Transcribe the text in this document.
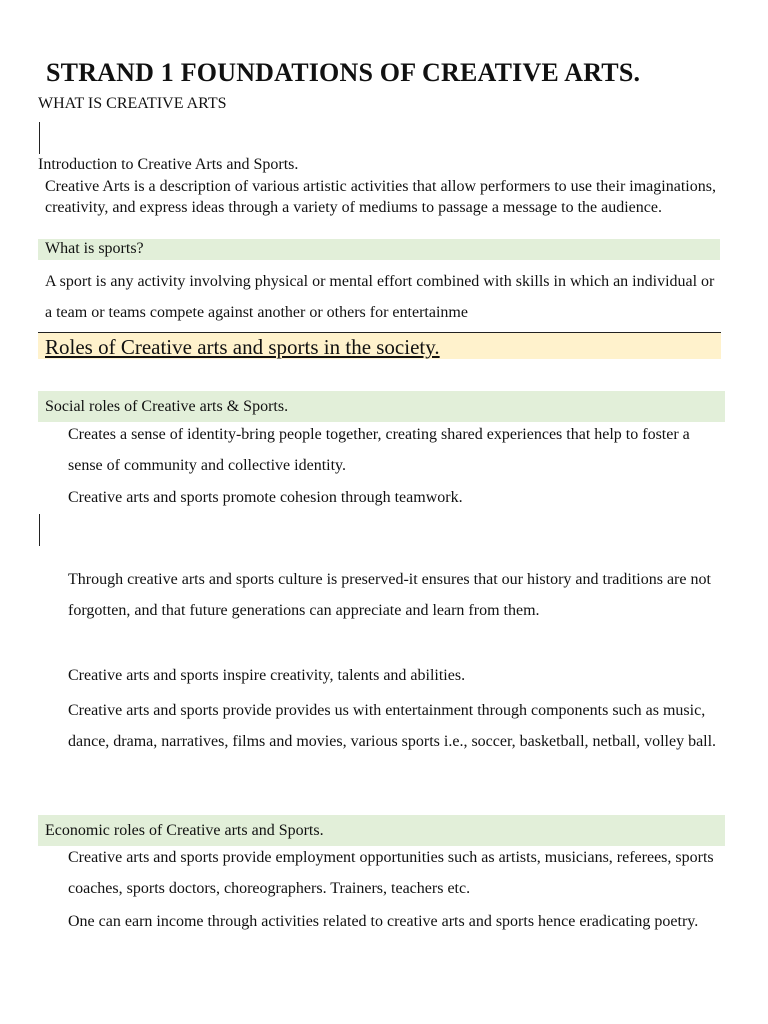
STRAND 1 FOUNDATIONS OF CREATIVE ARTS.
WHAT IS CREATIVE ARTS
Introduction to Creative Arts and Sports.
Creative Arts is a description of various artistic activities that allow performers to use their imaginations, creativity, and express ideas through a variety of mediums to passage a message to the audience.
What is sports?
A sport is any activity involving physical or mental effort combined with skills in which an individual or a team or teams compete against another or others for entertainme
Roles of Creative arts and sports in the society.
Social roles of Creative arts & Sports.
Creates a sense of identity-bring people together, creating shared experiences that help to foster a sense of community and collective identity.
Creative arts and sports promote cohesion through teamwork.
Through creative arts and sports culture is preserved-it ensures that our history and traditions are not forgotten, and that future generations can appreciate and learn from them.
Creative arts and sports inspire creativity, talents and abilities.
Creative arts and sports provide provides us with entertainment through components such as music, dance, drama, narratives, films and movies, various sports i.e., soccer, basketball, netball, volley ball.
Economic roles of Creative arts and Sports.
Creative arts and sports provide employment opportunities such as artists, musicians, referees, sports coaches, sports doctors, choreographers. Trainers, teachers etc.
One can earn income through activities related to creative arts and sports hence eradicating poetry.
